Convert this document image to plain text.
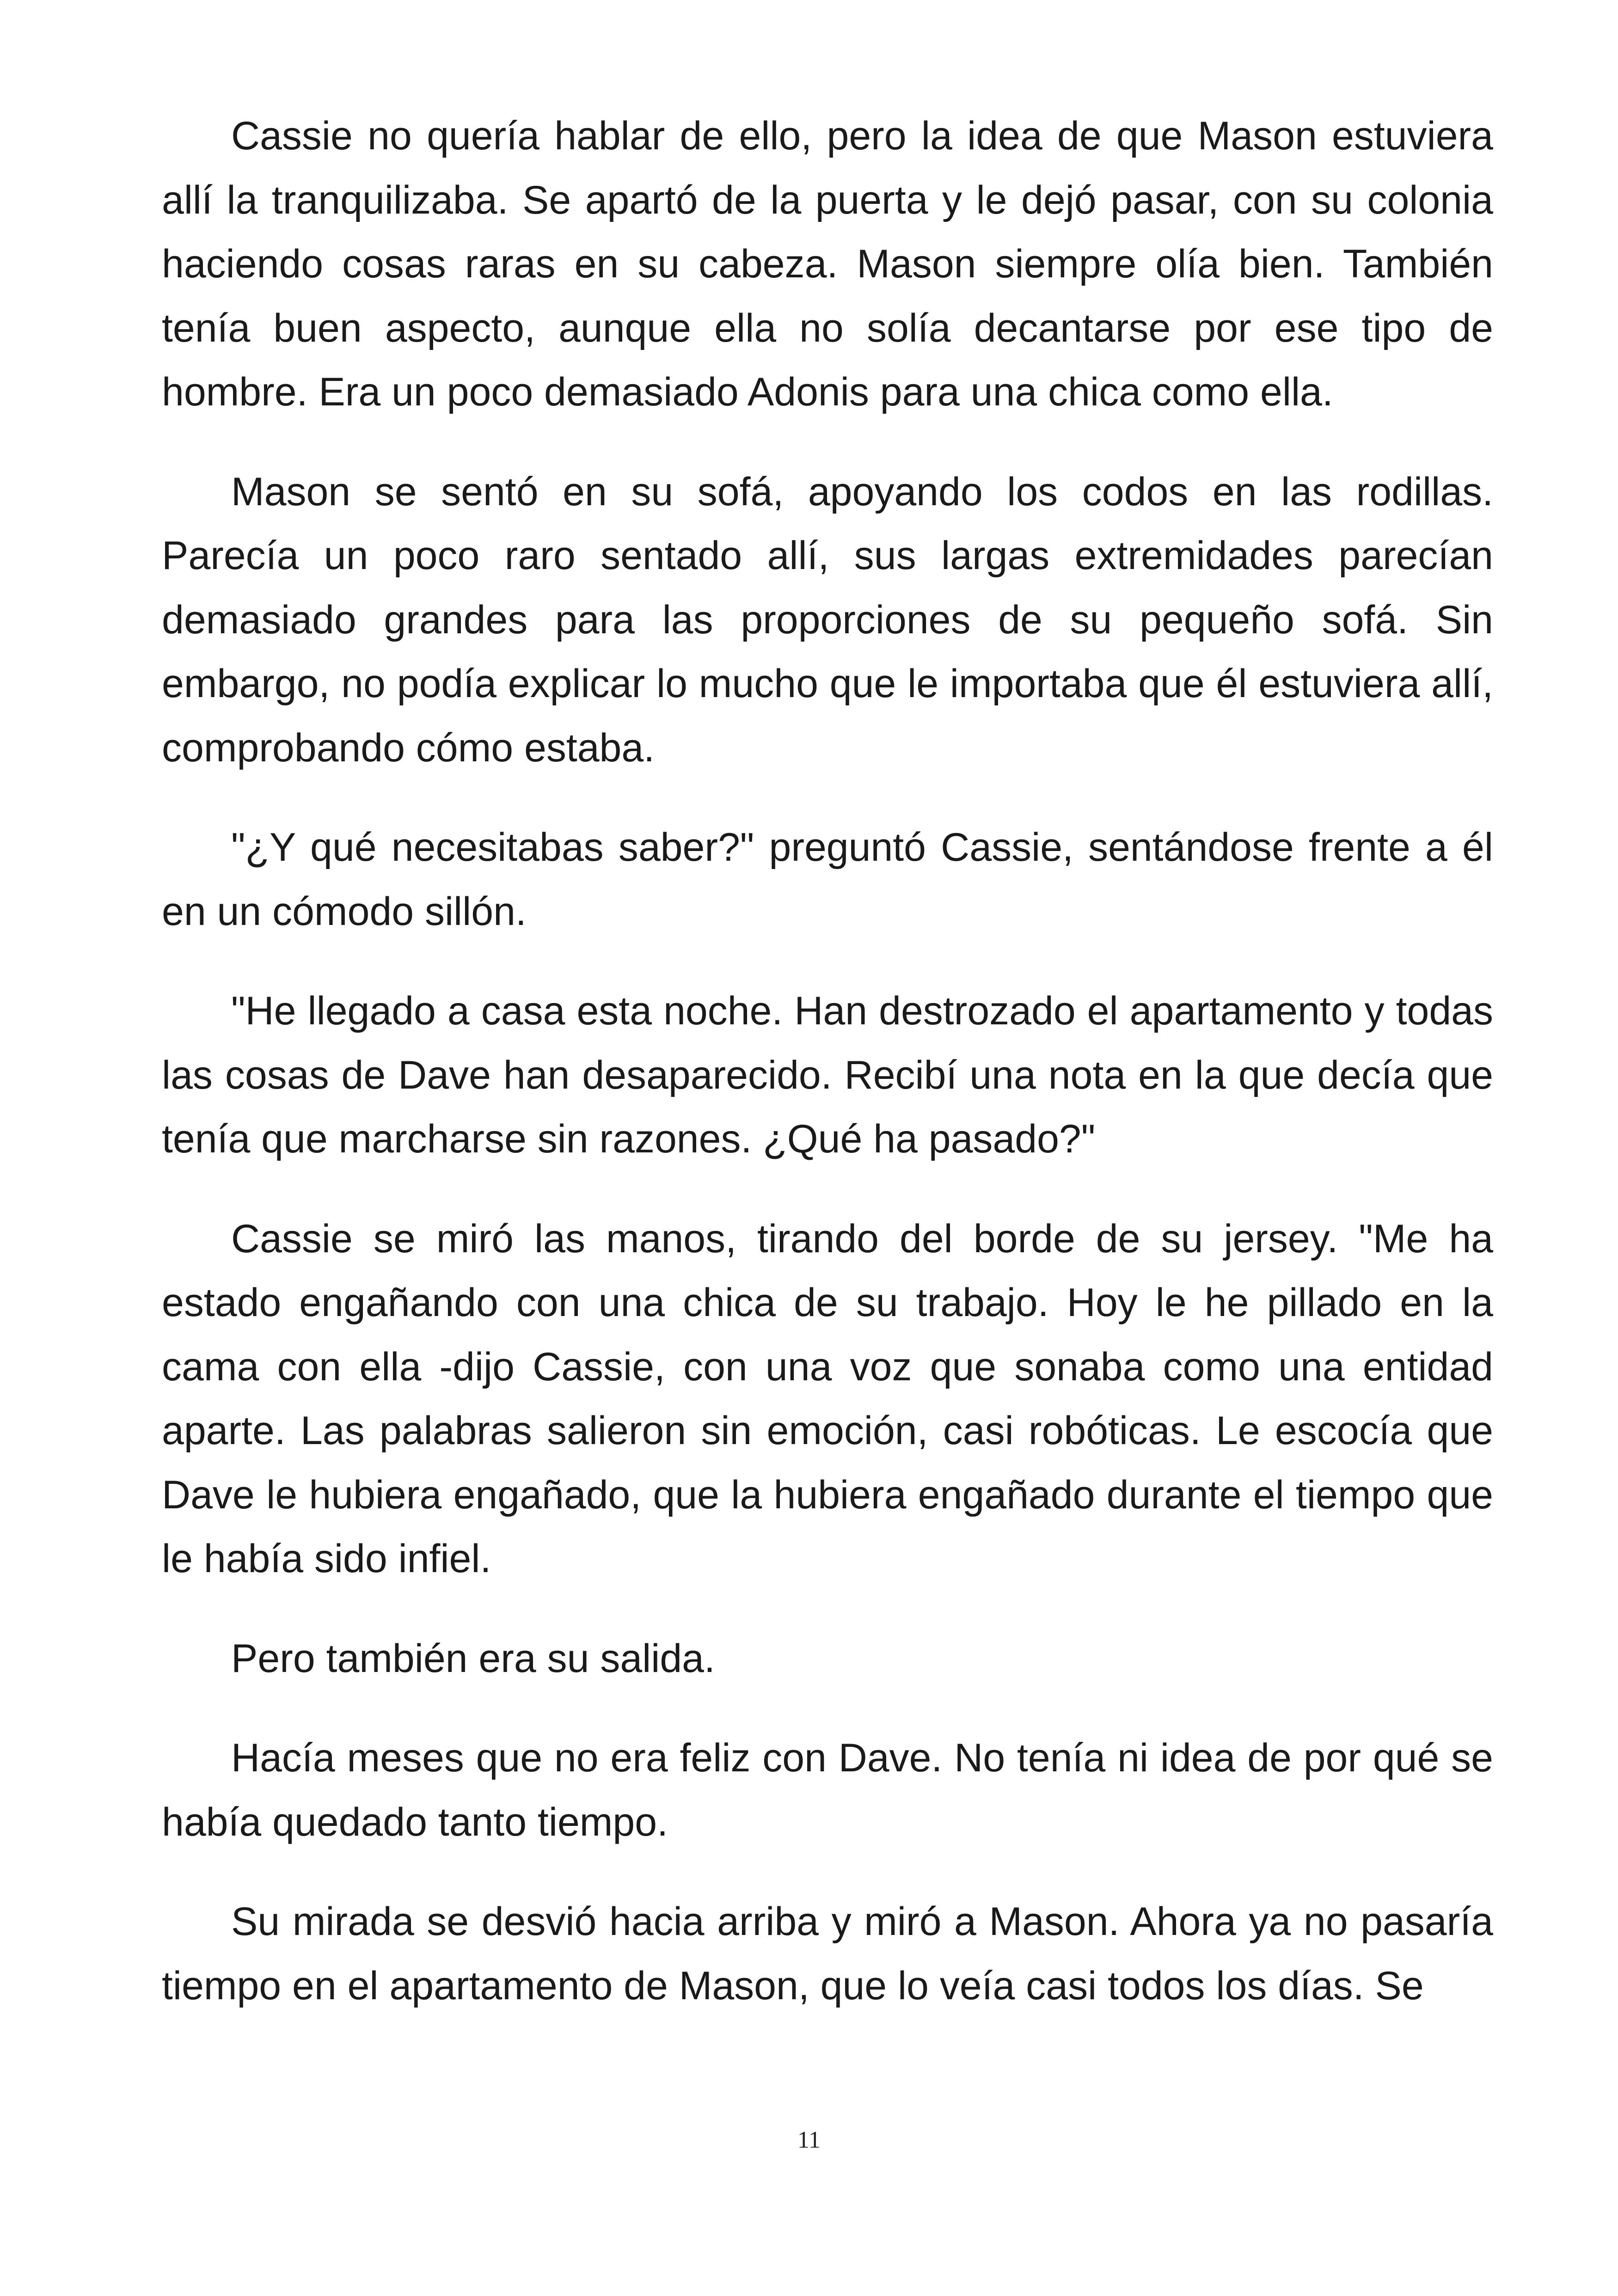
Cassie no quería hablar de ello, pero la idea de que Mason estuviera allí la tranquilizaba. Se apartó de la puerta y le dejó pasar, con su colonia haciendo cosas raras en su cabeza. Mason siempre olía bien. También tenía buen aspecto, aunque ella no solía decantarse por ese tipo de hombre. Era un poco demasiado Adonis para una chica como ella.

Mason se sentó en su sofá, apoyando los codos en las rodillas. Parecía un poco raro sentado allí, sus largas extremidades parecían demasiado grandes para las proporciones de su pequeño sofá. Sin embargo, no podía explicar lo mucho que le importaba que él estuviera allí, comprobando cómo estaba.

"¿Y qué necesitabas saber?" preguntó Cassie, sentándose frente a él en un cómodo sillón.

"He llegado a casa esta noche. Han destrozado el apartamento y todas las cosas de Dave han desaparecido. Recibí una nota en la que decía que tenía que marcharse sin razones. ¿Qué ha pasado?"

Cassie se miró las manos, tirando del borde de su jersey. "Me ha estado engañando con una chica de su trabajo. Hoy le he pillado en la cama con ella -dijo Cassie, con una voz que sonaba como una entidad aparte. Las palabras salieron sin emoción, casi robóticas. Le escocía que Dave le hubiera engañado, que la hubiera engañado durante el tiempo que le había sido infiel.

Pero también era su salida.

Hacía meses que no era feliz con Dave. No tenía ni idea de por qué se había quedado tanto tiempo.

Su mirada se desvió hacia arriba y miró a Mason. Ahora ya no pasaría tiempo en el apartamento de Mason, que lo veía casi todos los días. Se

11
